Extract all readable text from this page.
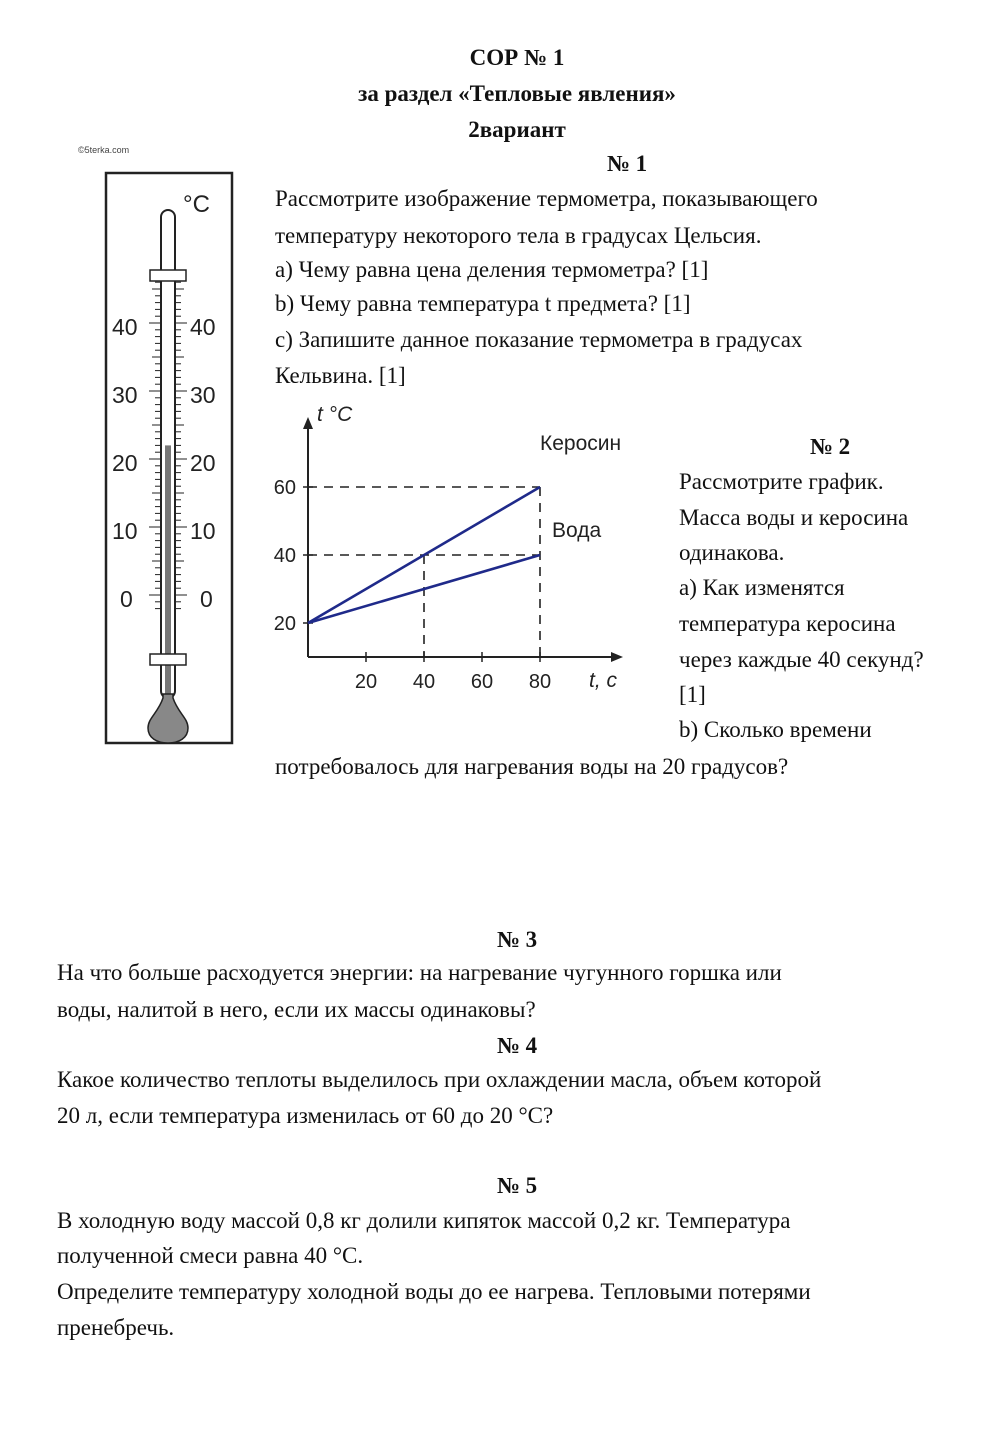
СОР № 1
за раздел «Тепловые явления»
2вариант
№ 1
Рассмотрите изображение термометра, показывающего
температуру некоторого тела в градусах Цельсия.
a) Чему равна цена деления термометра? [1]
b) Чему равна температура t предмета? [1]
c) Запишите данное показание термометра в градусах
Кельвина. [1]
©5terka.com
°C
40
30
20
10
0
40
30
20
10
0
t °C
t, c
20 40 60 80
20
40
60
Керосин
Вода
№ 2
Рассмотрите график.
Масса воды и керосина
одинакова.
a) Как изменятся
температура керосина
через каждые 40 секунд?
[1]
b) Сколько времени
потребовалось для нагревания воды на 20 градусов?
№ 3
На что больше расходуется энергии: на нагревание чугунного горшка или
воды, налитой в него, если их массы одинаковы?
№ 4
Какое количество теплоты выделилось при охлаждении масла, объем которой
20 л, если температура изменилась от 60 до 20 °С?
№ 5
В холодную воду массой 0,8 кг долили кипяток массой 0,2 кг. Температура
полученной смеси равна 40 °С.
Определите температуру холодной воды до ее нагрева. Тепловыми потерями
пренебречь.
